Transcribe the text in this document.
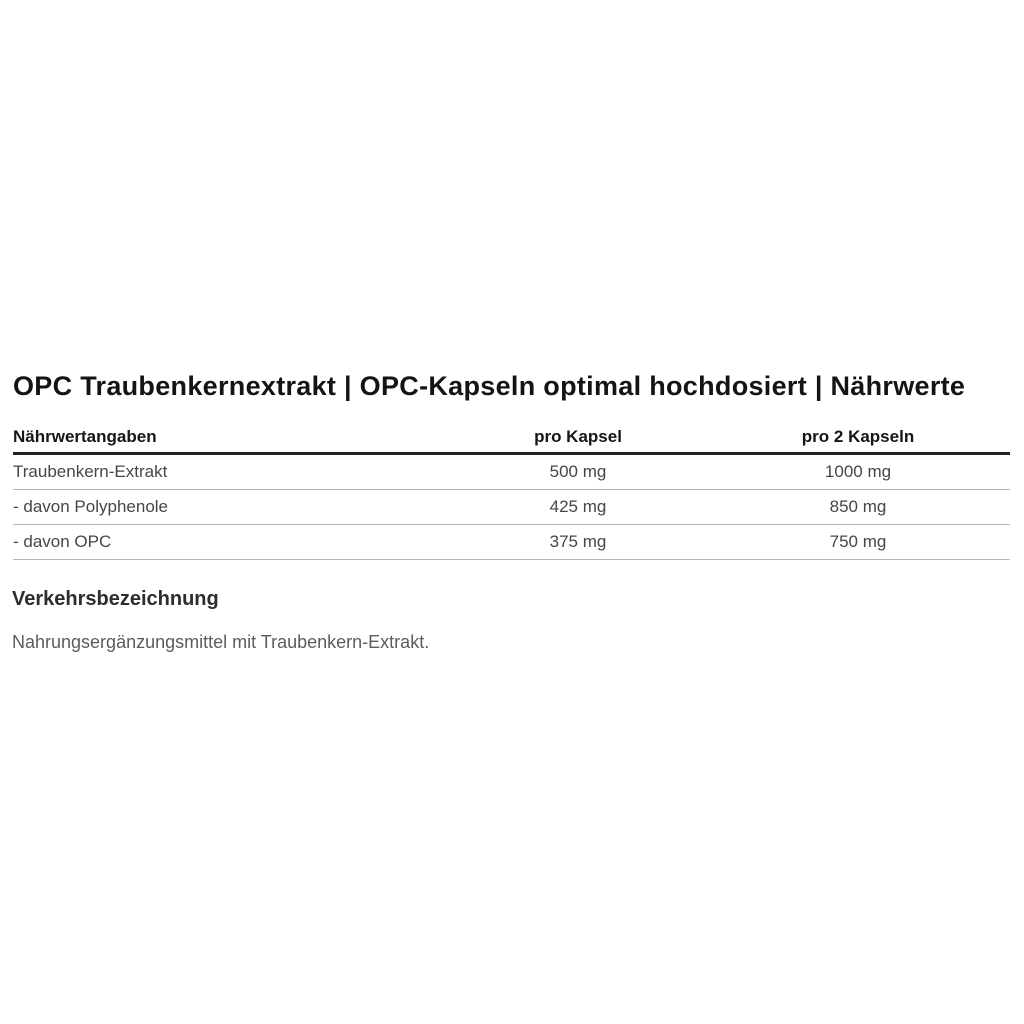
OPC Traubenkernextrakt | OPC-Kapseln optimal hochdosiert | Nährwerte
Nährwertangaben	pro Kapsel	pro 2 Kapseln
Traubenkern-Extrakt	500 mg	1000 mg
- davon Polyphenole	425 mg	850 mg
- davon OPC	375 mg	750 mg
Verkehrsbezeichnung
Nahrungsergänzungsmittel mit Traubenkern-Extrakt.
